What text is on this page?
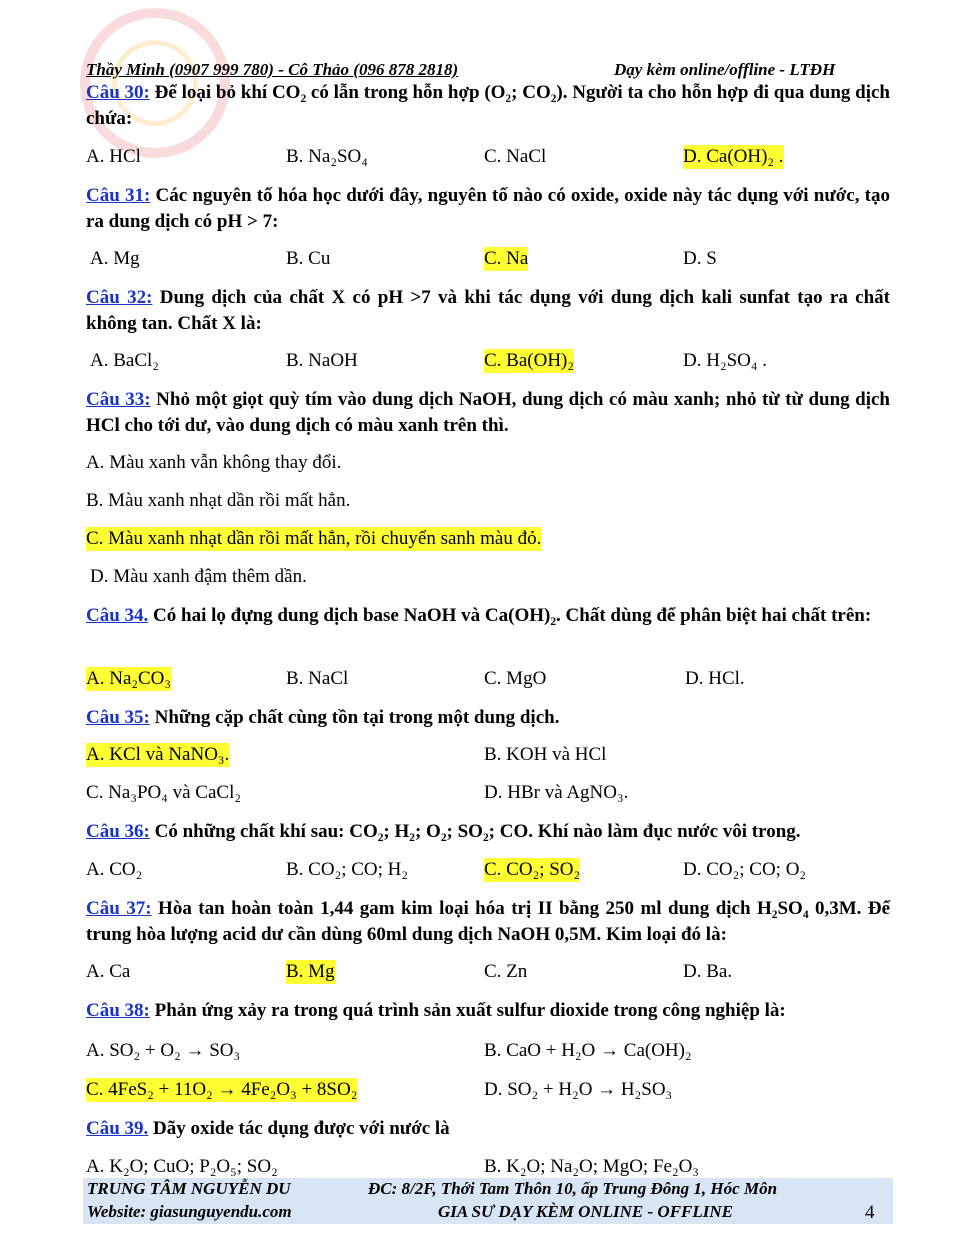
Thầy Minh (0907 999 780) - Cô Thảo (096 878 2818)	Dạy kèm online/offline - LTĐH
Câu 30: Để loại bỏ khí CO₂ có lẫn trong hỗn hợp (O₂; CO₂). Người ta cho hỗn hợp đi qua dung dịch chứa:
A. HCl	B. Na₂SO₄	C. NaCl	D. Ca(OH)₂ .
Câu 31: Các nguyên tố hóa học dưới đây, nguyên tố nào có oxide, oxide này tác dụng với nước, tạo ra dung dịch có pH > 7:
A. Mg	B. Cu	C. Na	D. S
Câu 32: Dung dịch của chất X có pH >7 và khi tác dụng với dung dịch kali sunfat tạo ra chất không tan. Chất X là:
A. BaCl₂	B. NaOH	C. Ba(OH)₂	D. H₂SO₄ .
Câu 33: Nhỏ một giọt quỳ tím vào dung dịch NaOH, dung dịch có màu xanh; nhỏ từ từ dung dịch HCl cho tới dư, vào dung dịch có màu xanh trên thì.
A. Màu xanh vẫn không thay đổi.
B. Màu xanh nhạt dần rồi mất hẳn.
C. Màu xanh nhạt dần rồi mất hẳn, rồi chuyển sanh màu đỏ.
D. Màu xanh đậm thêm dần.
Câu 34. Có hai lọ đựng dung dịch base NaOH và Ca(OH)₂. Chất dùng để phân biệt hai chất trên:
A. Na₂CO₃	B. NaCl	C. MgO	D. HCl.
Câu 35: Những cặp chất cùng tồn tại trong một dung dịch.
A. KCl và NaNO₃.	B. KOH và HCl
C. Na₃PO₄ và CaCl₂	D. HBr và AgNO₃.
Câu 36: Có những chất khí sau: CO₂; H₂; O₂; SO₂; CO. Khí nào làm đục nước vôi trong.
A. CO₂	B. CO₂; CO; H₂	C. CO₂; SO₂	D. CO₂; CO; O₂
Câu 37: Hòa tan hoàn toàn 1,44 gam kim loại hóa trị II bằng 250 ml dung dịch H₂SO₄ 0,3M. Để trung hòa lượng acid dư cần dùng 60ml dung dịch NaOH 0,5M. Kim loại đó là:
A. Ca	B. Mg	C. Zn	D. Ba.
Câu 38: Phản ứng xảy ra trong quá trình sản xuất sulfur dioxide trong công nghiệp là:
A. SO₂ + O₂ → SO₃	B. CaO + H₂O → Ca(OH)₂
C. 4FeS₂ + 11O₂ → 4Fe₂O₃ + 8SO₂	D. SO₂ + H₂O → H₂SO₃
Câu 39. Dãy oxide tác dụng được với nước là
A. K₂O; CuO; P₂O₅; SO₂	B. K₂O; Na₂O; MgO; Fe₂O₃
TRUNG TÂM NGUYỄN DU	ĐC: 8/2F, Thới Tam Thôn 10, ấp Trung Đông 1, Hóc Môn
Website: giasunguyendu.com	GIA SƯ DẠY KÈM ONLINE - OFFLINE	4
